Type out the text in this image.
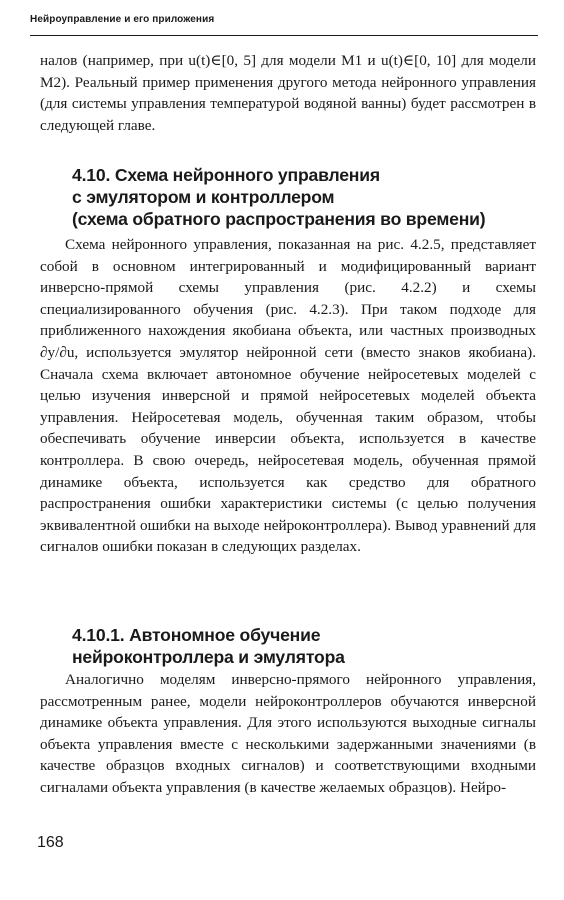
Нейроуправление и его приложения

налов (например, при u(t)∈[0, 5] для модели M1 и u(t)∈[0, 10] для модели M2). Реальный пример применения другого метода нейронного управления (для системы управления температурой водяной ванны) будет рассмотрен в следующей главе.

4.10. Схема нейронного управления
с эмулятором и контроллером
(схема обратного распространения во времени)

Схема нейронного управления, показанная на рис. 4.2.5, представляет собой в основном интегрированный и модифицированный вариант инверсно-прямой схемы управления (рис. 4.2.2) и схемы специализированного обучения (рис. 4.2.3). При таком подходе для приближенного нахождения якобиана объекта, или частных производных ∂y/∂u, используется эмулятор нейронной сети (вместо знаков якобиана). Сначала схема включает автономное обучение нейросетевых моделей с целью изучения инверсной и прямой нейросетевых моделей объекта управления. Нейросетевая модель, обученная таким образом, чтобы обеспечивать обучение инверсии объекта, используется в качестве контроллера. В свою очередь, нейросетевая модель, обученная прямой динамике объекта, используется как средство для обратного распространения ошибки характеристики системы (с целью получения эквивалентной ошибки на выходе нейроконтроллера). Вывод уравнений для сигналов ошибки показан в следующих разделах.

4.10.1. Автономное обучение
нейроконтроллера и эмулятора

Аналогично моделям инверсно-прямого нейронного управления, рассмотренным ранее, модели нейроконтроллеров обучаются инверсной динамике объекта управления. Для этого используются выходные сигналы объекта управления вместе с несколькими задержанными значениями (в качестве образцов входных сигналов) и соответствующими входными сигналами объекта управления (в качестве желаемых образцов). Нейро-

168
